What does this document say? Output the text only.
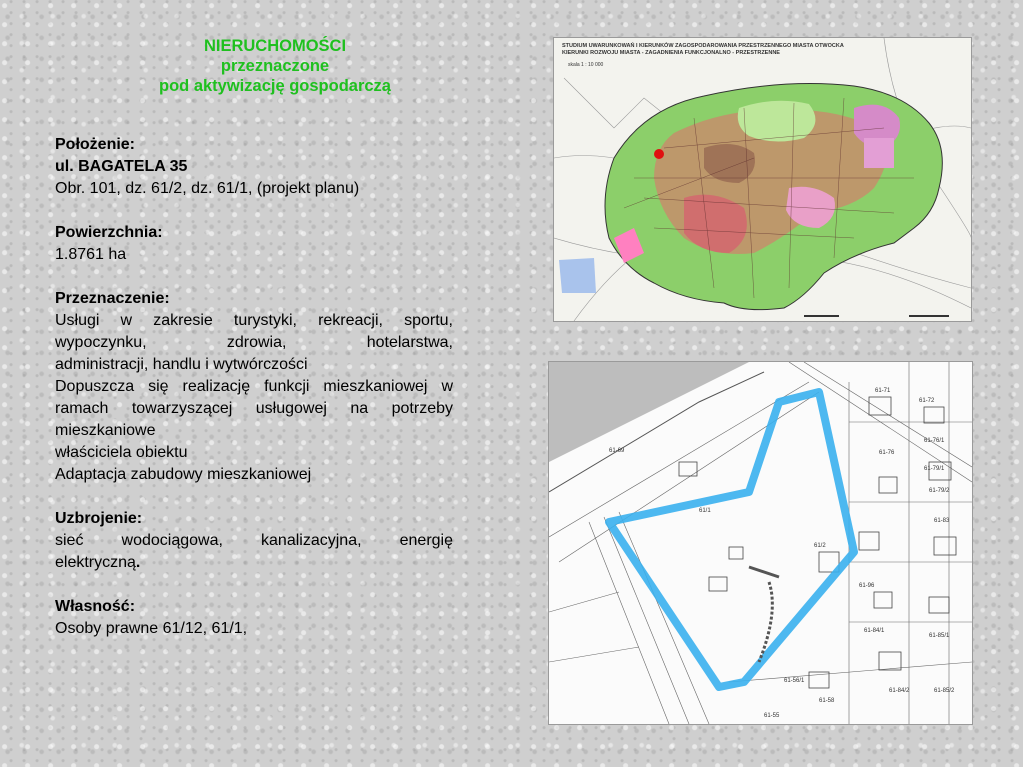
NIERUCHOMOŚCI
przeznaczone
pod aktywizację gospodarczą
Położenie:
ul. BAGATELA 35
Obr. 101, dz. 61/2, dz. 61/1, (projekt planu)
Powierzchnia:
1.8761 ha
Przeznaczenie:
Usługi w zakresie turystyki, rekreacji, sportu, wypoczynku, zdrowia, hotelarstwa,
administracji, handlu i wytwórczości
Dopuszcza się realizację funkcji mieszkaniowej w ramach towarzyszącej usługowej na potrzeby mieszkaniowe
właściciela obiektu
Adaptacja zabudowy mieszkaniowej
Uzbrojenie:
sieć wodociągowa, kanalizacyjna, energię
elektryczną.
Własność:
Osoby prawne 61/12, 61/1,
STUDIUM UWARUNKOWAŃ I KIERUNKÓW ZAGOSPODAROWANIA PRZESTRZENNEGO MIASTA OTWOCKA
KIERUNKI ROZWOJU MIASTA - ZAGADNIENIA FUNKCJONALNO - PRZESTRZENNE
skala 1 : 10 000
61-71
61-76
61-72
61-76/1
61-79/1
61-79/2
61-83
61/1
61/2
61-69
61-56/1
61-96
61-84/1
61-84/2
61-85/1
61-85/2
61-58
61-55
